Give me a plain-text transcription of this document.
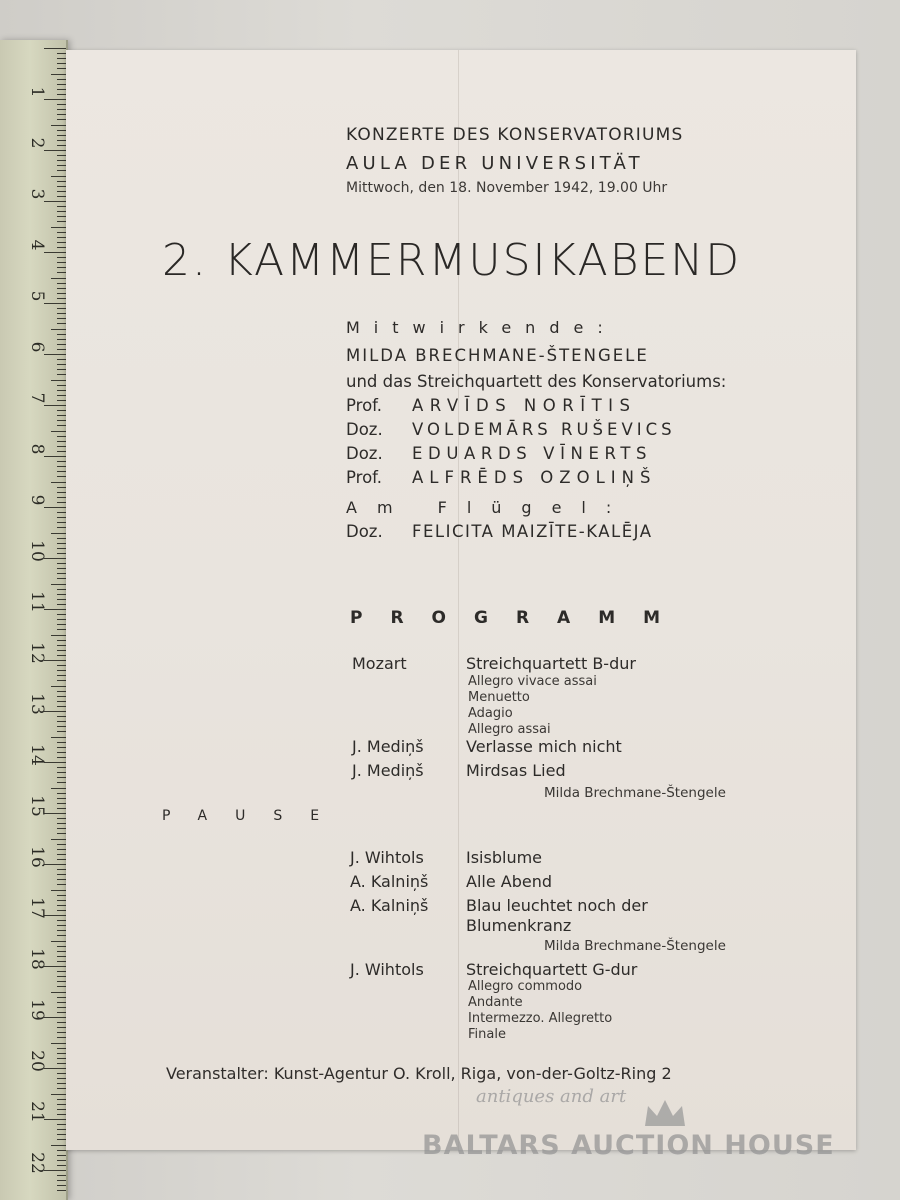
1
2
3
4
5
6
7
8
9
10
11
12
13
14
15
16
17
18
19
20
21
22
KONZERTE DES KONSERVATORIUMS
AULA DER UNIVERSITÄT
Mittwoch, den 18. November 1942, 19.00 Uhr
2. KAMMERMUSIKABEND
Mitwirkende:
MILDA BRECHMANE-ŠTENGELE
und das Streichquartett des Konservatoriums:
Prof. ARVĪDS NORĪTIS
Doz. VOLDEMĀRS RUŠEVICS
Doz. EDUARDS VĪNERTS
Prof. ALFRĒDS OZOLIŅŠ
Am Flügel:
Doz. FELICITA MAIZĪTE-KALĒJA
PROGRAMM
Mozart	Streichquartett B-dur
Allegro vivace assai
Menuetto
Adagio
Allegro assai
J. Mediņš	Verlasse mich nicht
J. Mediņš	Mirdsas Lied
Milda Brechmane-Štengele
PAUSE
J. Wihtols	Isisblume
A. Kalniņš Alle Abend
A. Kalniņš Blau leuchtet noch der
Blumenkranz
Milda Brechmane-Štengele
J. Wihtols	Streichquartett G-dur
Allegro commodo
Andante
Intermezzo. Allegretto
Finale
Veranstalter: Kunst-Agentur O. Kroll, Riga, von-der-Goltz-Ring 2
antiques and art
BALTARS AUCTION HOUSE
